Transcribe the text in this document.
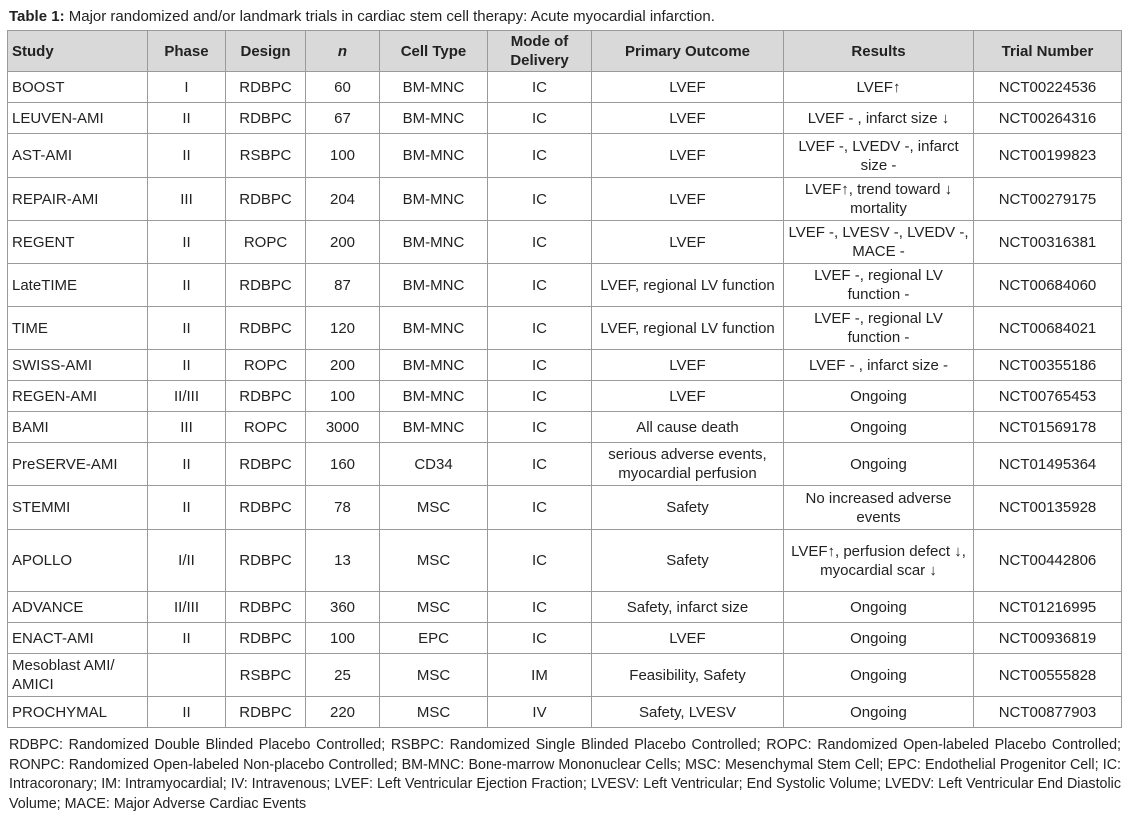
Table 1: Major randomized and/or landmark trials in cardiac stem cell therapy: Acute myocardial infarction.
Study	Phase	Design	n	Cell Type	Mode of Delivery	Primary Outcome	Results	Trial Number
BOOST	I	RDBPC	60	BM-MNC	IC	LVEF	LVEF↑	NCT00224536
LEUVEN-AMI	II	RDBPC	67	BM-MNC	IC	LVEF	LVEF - , infarct size ↓	NCT00264316
AST-AMI	II	RSBPC	100	BM-MNC	IC	LVEF	LVEF -, LVEDV -, infarct size -	NCT00199823
REPAIR-AMI	III	RDBPC	204	BM-MNC	IC	LVEF	LVEF↑, trend toward ↓ mortality	NCT00279175
REGENT	II	ROPC	200	BM-MNC	IC	LVEF	LVEF -, LVESV -, LVEDV -, MACE -	NCT00316381
LateTIME	II	RDBPC	87	BM-MNC	IC	LVEF, regional LV function	LVEF -, regional LV function -	NCT00684060
TIME	II	RDBPC	120	BM-MNC	IC	LVEF, regional LV function	LVEF -, regional LV function -	NCT00684021
SWISS-AMI	II	ROPC	200	BM-MNC	IC	LVEF	LVEF - , infarct size -	NCT00355186
REGEN-AMI	II/III	RDBPC	100	BM-MNC	IC	LVEF	Ongoing	NCT00765453
BAMI	III	ROPC	3000	BM-MNC	IC	All cause death	Ongoing	NCT01569178
PreSERVE-AMI	II	RDBPC	160	CD34	IC	serious adverse events, myocardial perfusion	Ongoing	NCT01495364
STEMMI	II	RDBPC	78	MSC	IC	Safety	No increased adverse events	NCT00135928
APOLLO	I/II	RDBPC	13	MSC	IC	Safety	LVEF↑, perfusion defect ↓, myocardial scar ↓	NCT00442806
ADVANCE	II/III	RDBPC	360	MSC	IC	Safety, infarct size	Ongoing	NCT01216995
ENACT-AMI	II	RDBPC	100	EPC	IC	LVEF	Ongoing	NCT00936819
Mesoblast AMI/ AMICI		RSBPC	25	MSC	IM	Feasibility, Safety	Ongoing	NCT00555828
PROCHYMAL	II	RDBPC	220	MSC	IV	Safety, LVESV	Ongoing	NCT00877903
RDBPC: Randomized Double Blinded Placebo Controlled; RSBPC: Randomized Single Blinded Placebo Controlled; ROPC: Randomized Open-labeled Placebo Controlled; RONPC: Randomized Open-labeled Non-placebo Controlled; BM-MNC: Bone-marrow Mononuclear Cells; MSC: Mesenchymal Stem Cell; EPC: Endothelial Progenitor Cell; IC: Intracoronary; IM: Intramyocardial; IV: Intravenous; LVEF: Left Ventricular Ejection Fraction; LVESV: Left Ventricular; End Systolic Volume; LVEDV: Left Ventricular End Diastolic Volume; MACE: Major Adverse Cardiac Events
